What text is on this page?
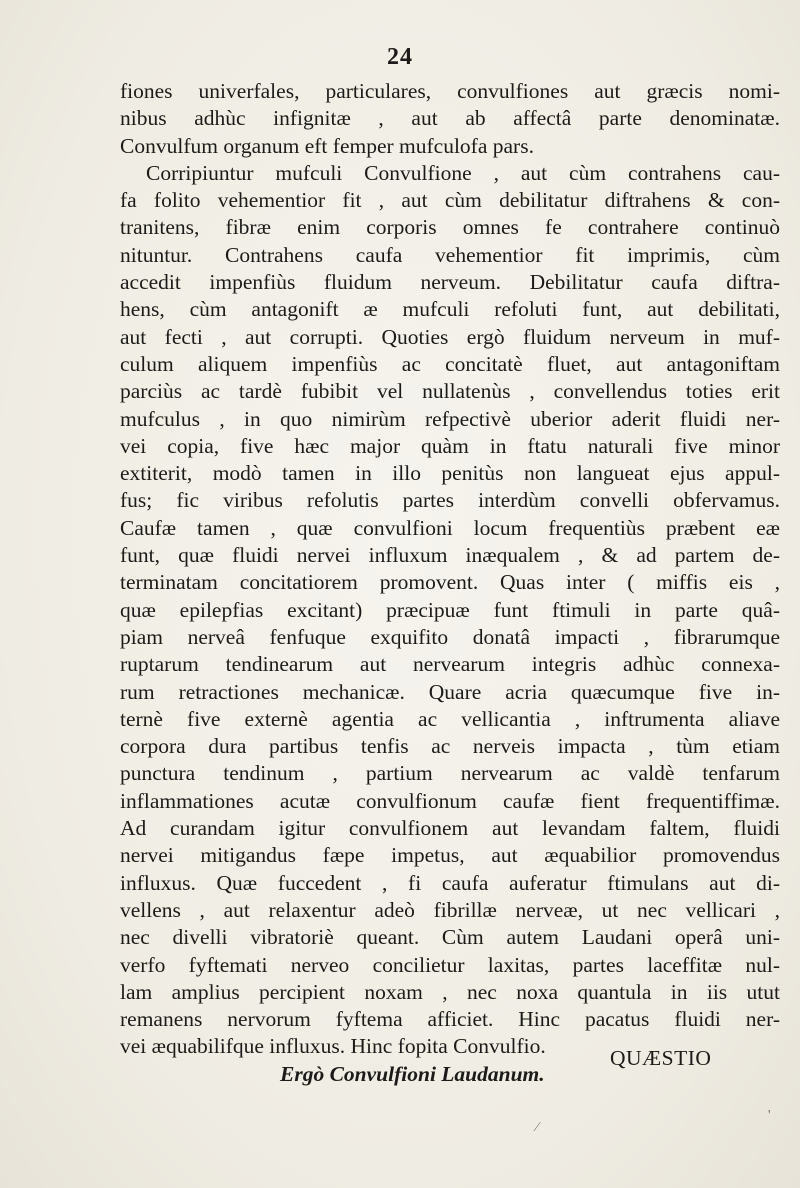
24
fiones univerfales, particulares, convulfiones aut græcis nomi-
nibus adhùc infignitæ , aut ab affectâ parte denominatæ.
Convulfum organum eft femper mufculofa pars.
Corripiuntur mufculi Convulfione , aut cùm contrahens cau-
fa folito vehementior fit , aut cùm debilitatur diftrahens & con-
tranitens, fibræ enim corporis omnes fe contrahere continuò
nituntur. Contrahens caufa vehementior fit imprimis, cùm
accedit impenfiùs fluidum nerveum. Debilitatur caufa diftra-
hens, cùm antagonift æ mufculi refoluti funt, aut debilitati,
aut fecti , aut corrupti. Quoties ergò fluidum nerveum in muf-
culum aliquem impenfiùs ac concitatè fluet, aut antagoniftam
parciùs ac tardè fubibit vel nullatenùs , convellendus toties erit
mufculus , in quo nimirùm refpectivè uberior aderit fluidi ner-
vei copia, five hæc major quàm in ftatu naturali five minor
extiterit, modò tamen in illo penitùs non langueat ejus appul-
fus; fic viribus refolutis partes interdùm convelli obfervamus.
Caufæ tamen , quæ convulfioni locum frequentiùs præbent eæ
funt, quæ fluidi nervei influxum inæqualem , & ad partem de-
terminatam concitatiorem promovent. Quas inter ( miffis eis ,
quæ epilepfias excitant) præcipuæ funt ftimuli in parte quâ-
piam nerveâ fenfuque exquifito donatâ impacti , fibrarumque
ruptarum tendinearum aut nervearum integris adhùc connexa-
rum retractiones mechanicæ. Quare acria quæcumque five in-
ternè five externè agentia ac vellicantia , inftrumenta aliave
corpora dura partibus tenfis ac nerveis impacta , tùm etiam
punctura tendinum , partium nervearum ac valdè tenfarum
inflammationes acutæ convulfionum caufæ fient frequentiffimæ.
Ad curandam igitur convulfionem aut levandam faltem, fluidi
nervei mitigandus fæpe impetus, aut æquabilior promovendus
influxus. Quæ fuccedent , fi caufa auferatur ftimulans aut di-
vellens , aut relaxentur adeò fibrillæ nerveæ, ut nec vellicari ,
nec divelli vibratoriè queant. Cùm autem Laudani operâ uni-
verfo fyftemati nerveo concilietur laxitas, partes laceffitæ nul-
lam amplius percipient noxam , nec noxa quantula in iis utut
remanens nervorum fyftema afficiet. Hinc pacatus fluidi ner-
vei æquabilifque influxus. Hinc fopita Convulfio.
Ergò Convulfioni Laudanum.
QUÆSTIO
'
⁄
